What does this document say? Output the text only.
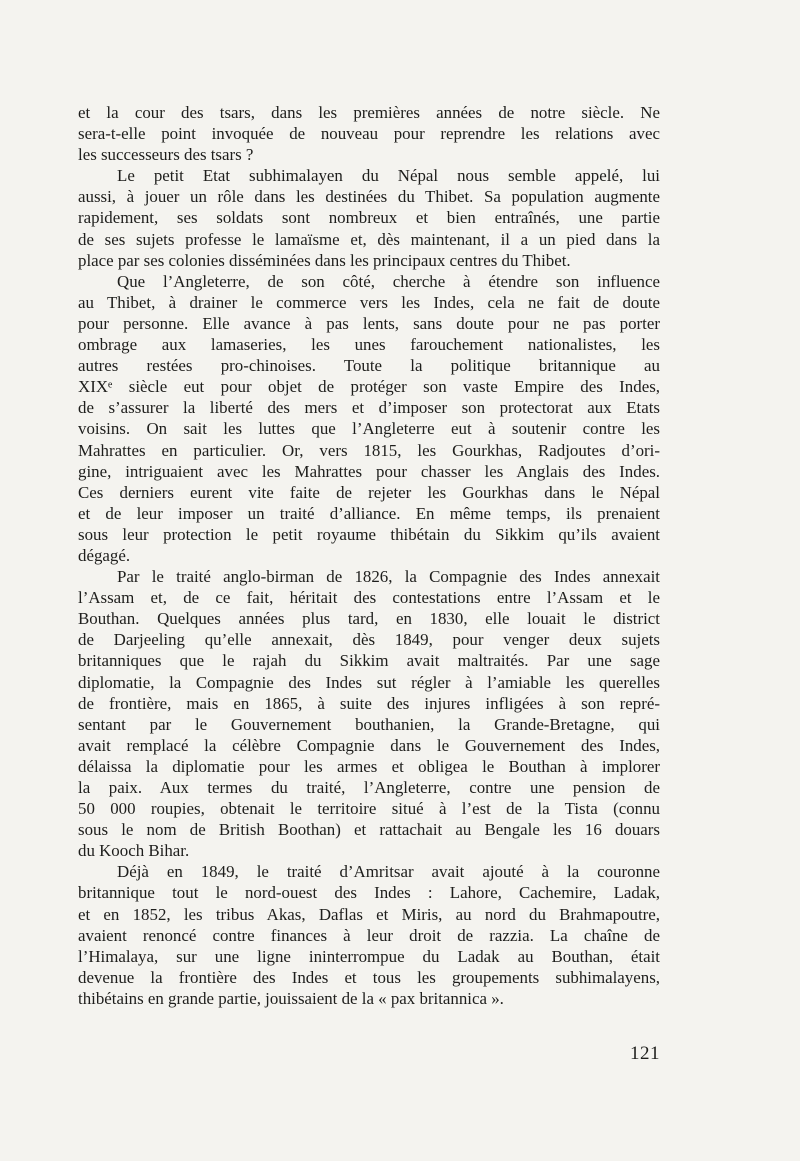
et la cour des tsars, dans les premières années de notre siècle. Ne
sera-t-elle point invoquée de nouveau pour reprendre les relations avec
les successeurs des tsars ?
Le petit Etat subhimalayen du Népal nous semble appelé, lui
aussi, à jouer un rôle dans les destinées du Thibet. Sa population augmente
rapidement, ses soldats sont nombreux et bien entraînés, une partie
de ses sujets professe le lamaïsme et, dès maintenant, il a un pied dans la
place par ses colonies disséminées dans les principaux centres du Thibet.
Que l’Angleterre, de son côté, cherche à étendre son influence
au Thibet, à drainer le commerce vers les Indes, cela ne fait de doute
pour personne. Elle avance à pas lents, sans doute pour ne pas porter
ombrage aux lamaseries, les unes farouchement nationalistes, les
autres restées pro-chinoises. Toute la politique britannique au
XIXᵉ siècle eut pour objet de protéger son vaste Empire des Indes,
de s’assurer la liberté des mers et d’imposer son protectorat aux Etats
voisins. On sait les luttes que l’Angleterre eut à soutenir contre les
Mahrattes en particulier. Or, vers 1815, les Gourkhas, Radjoutes d’ori-
gine, intriguaient avec les Mahrattes pour chasser les Anglais des Indes.
Ces derniers eurent vite faite de rejeter les Gourkhas dans le Népal
et de leur imposer un traité d’alliance. En même temps, ils prenaient
sous leur protection le petit royaume thibétain du Sikkim qu’ils avaient
dégagé.
Par le traité anglo-birman de 1826, la Compagnie des Indes annexait
l’Assam et, de ce fait, héritait des contestations entre l’Assam et le
Bouthan. Quelques années plus tard, en 1830, elle louait le district
de Darjeeling qu’elle annexait, dès 1849, pour venger deux sujets
britanniques que le rajah du Sikkim avait maltraités. Par une sage
diplomatie, la Compagnie des Indes sut régler à l’amiable les querelles
de frontière, mais en 1865, à suite des injures infligées à son repré-
sentant par le Gouvernement bouthanien, la Grande-Bretagne, qui
avait remplacé la célèbre Compagnie dans le Gouvernement des Indes,
délaissa la diplomatie pour les armes et obligea le Bouthan à implorer
la paix. Aux termes du traité, l’Angleterre, contre une pension de
50 000 roupies, obtenait le territoire situé à l’est de la Tista (connu
sous le nom de British Boothan) et rattachait au Bengale les 16 douars
du Kooch Bihar.
Déjà en 1849, le traité d’Amritsar avait ajouté à la couronne
britannique tout le nord-ouest des Indes : Lahore, Cachemire, Ladak,
et en 1852, les tribus Akas, Daflas et Miris, au nord du Brahmapoutre,
avaient renoncé contre finances à leur droit de razzia. La chaîne de
l’Himalaya, sur une ligne ininterrompue du Ladak au Bouthan, était
devenue la frontière des Indes et tous les groupements subhimalayens,
thibétains en grande partie, jouissaient de la « pax britannica ».
121
